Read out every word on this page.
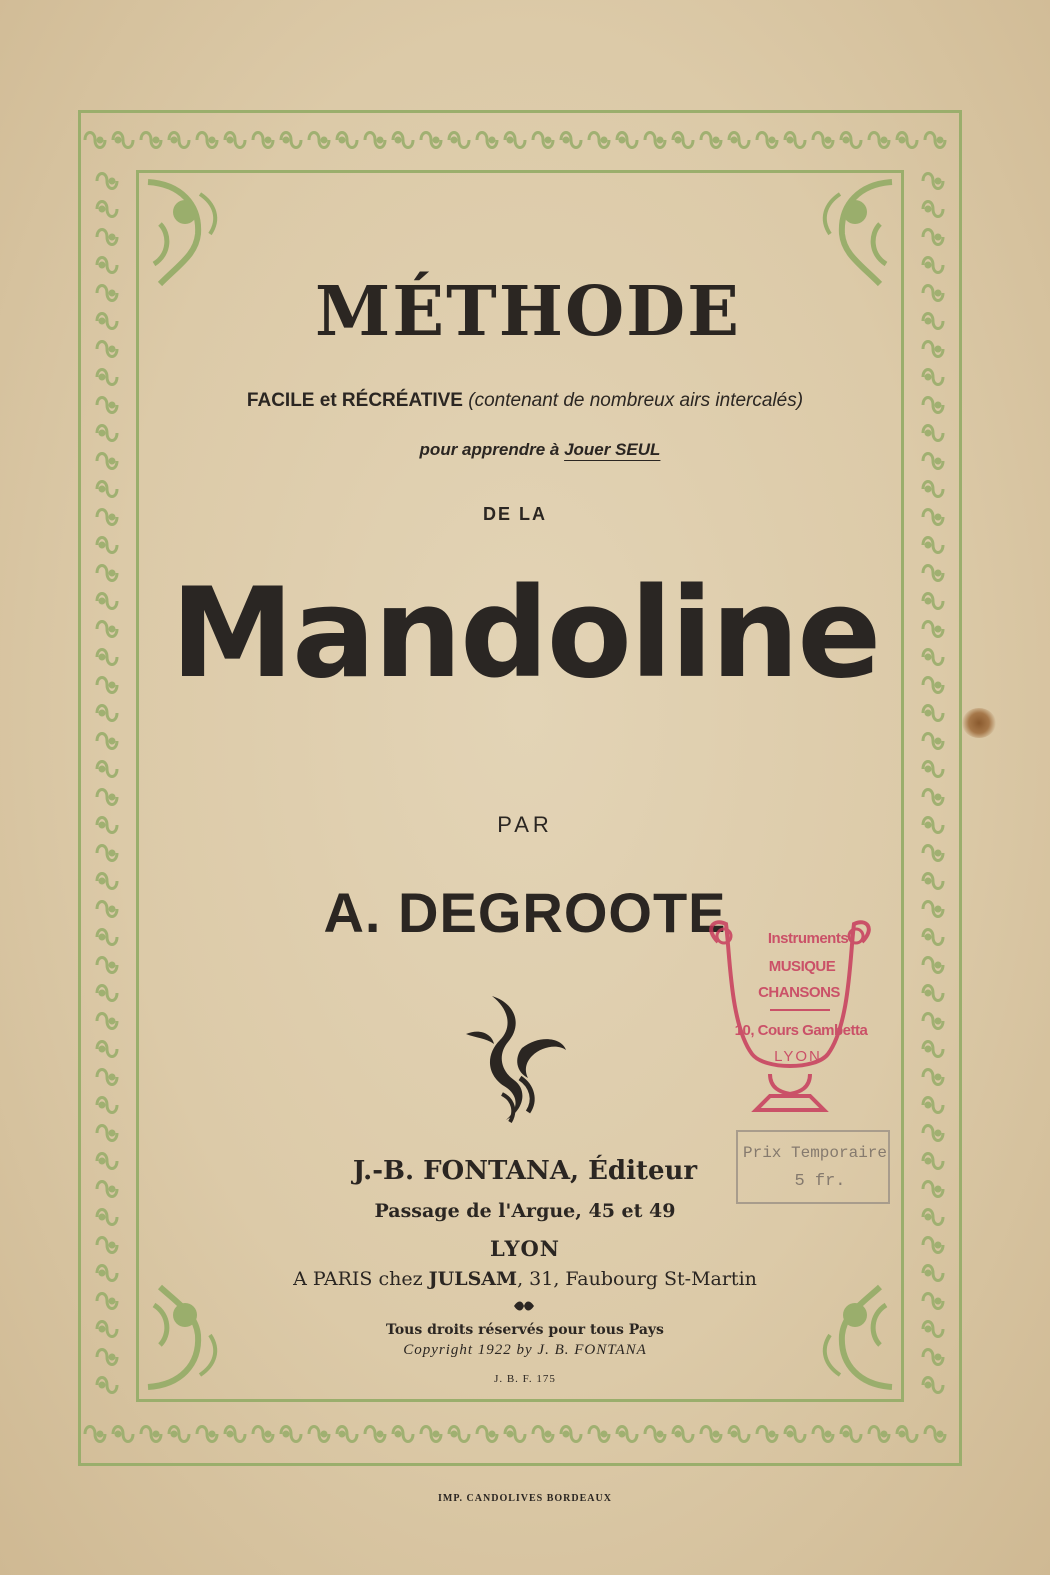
MÉTHODE
FACILE et RÉCRÉATIVE (contenant de nombreux airs intercalés)
pour apprendre à Jouer SEUL
DE LA
Mandoline
PAR
A. DEGROOTE
J.-B. FONTANA, Éditeur
Passage de l'Argue, 45 et 49
LYON
A PARIS chez JULSAM, 31, Faubourg St-Martin
Tous droits réservés pour tous Pays
Copyright 1922 by J. B. FONTANA
J. B. F. 175
Instruments
MUSIQUE
CHANSONS
10, Cours Gambetta
LYON
Prix Temporaire
5 fr.
IMP. CANDOLIVES BORDEAUX
